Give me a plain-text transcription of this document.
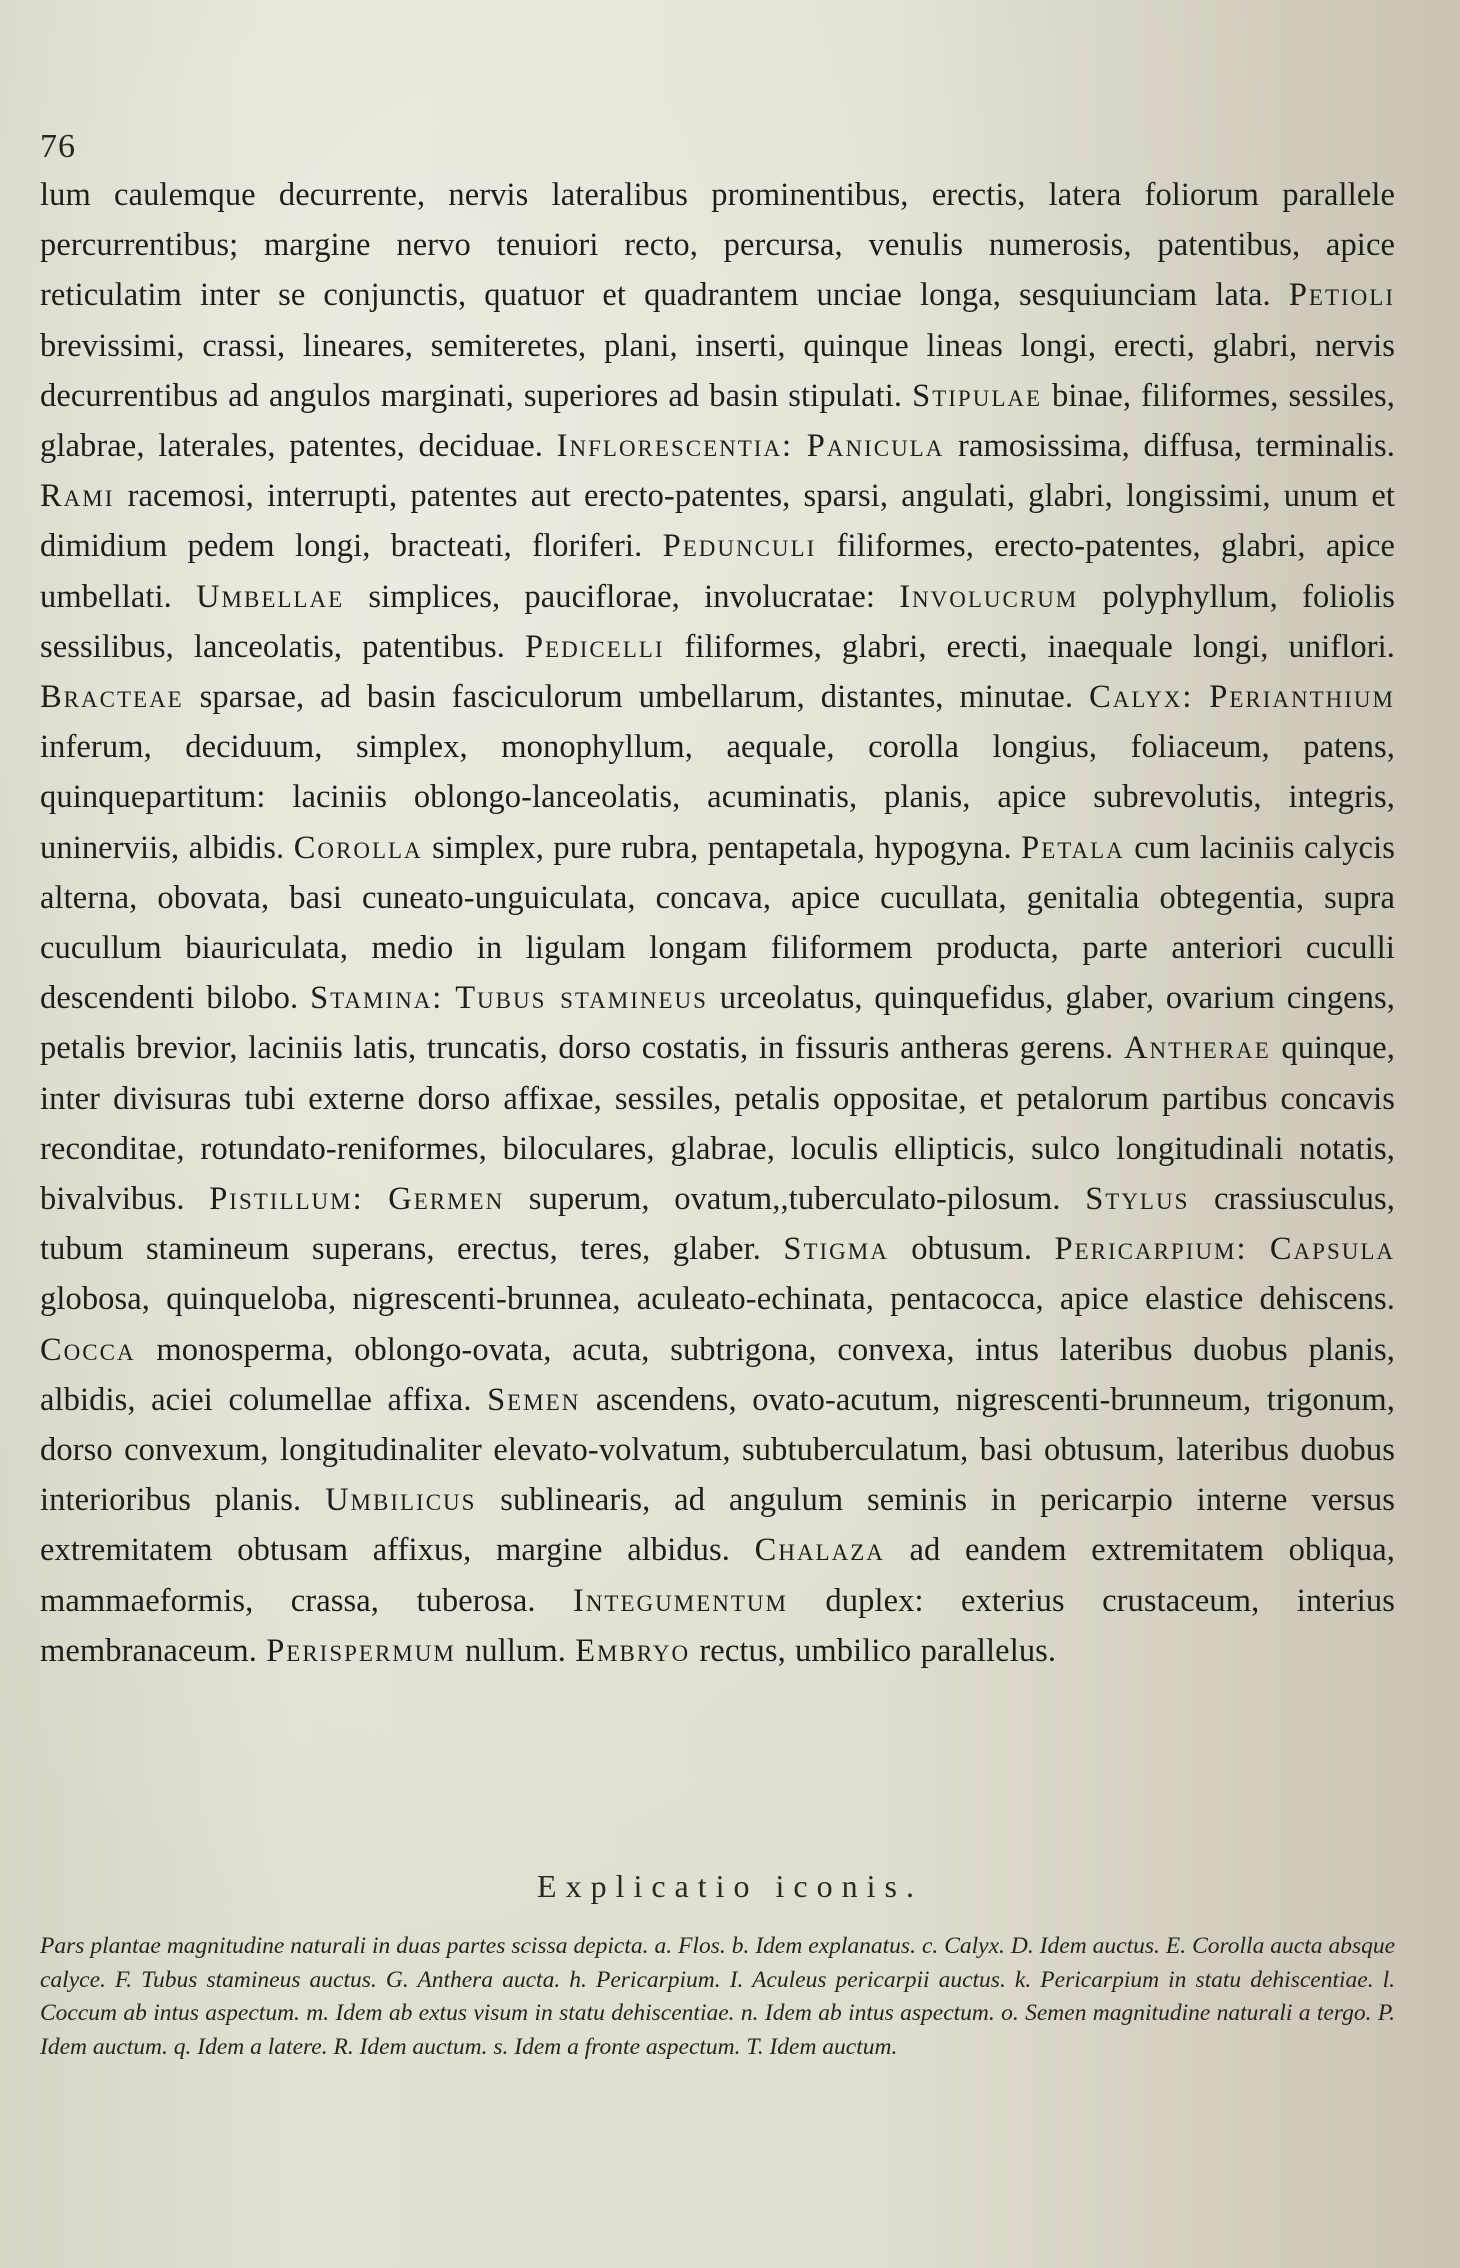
76

lum caulemque decurrente, nervis lateralibus prominentibus, erectis, latera foliorum parallele percurrentibus; margine nervo tenuiori recto, percursa, venulis numerosis, patentibus, apice reticulatim inter se conjunctis, quatuor et quadrantem unciae longa, sesquiunciam lata. Petioli brevissimi, crassi, lineares, semiteretes, plani, inserti, quinque lineas longi, erecti, glabri, nervis decurrentibus ad angulos marginati, superiores ad basin stipulati. Stipulae binae, filiformes, sessiles, glabrae, laterales, patentes, deciduae. Inflorescentia: Panicula ramosissima, diffusa, terminalis. Rami racemosi, interrupti, patentes aut erecto-patentes, sparsi, angulati, glabri, longissimi, unum et dimidium pedem longi, bracteati, floriferi. Pedunculi filiformes, erecto-patentes, glabri, apice umbellati. Umbellae simplices, pauciflorae, involucratae: Involucrum polyphyllum, foliolis sessilibus, lanceolatis, patentibus. Pedicelli filiformes, glabri, erecti, inaequale longi, uniflori. Bracteae sparsae, ad basin fasciculorum umbellarum, distantes, minutae. Calyx: Perianthium inferum, deciduum, simplex, monophyllum, aequale, corolla longius, foliaceum, patens, quinquepartitum: laciniis oblongo-lanceolatis, acuminatis, planis, apice subrevolutis, integris, uninerviis, albidis. Corolla simplex, pure rubra, pentapetala, hypogyna. Petala cum laciniis calycis alterna, obovata, basi cuneato-unguiculata, concava, apice cucullata, genitalia obtegentia, supra cucullum biauriculata, medio in ligulam longam filiformem producta, parte anteriori cuculli descendenti bilobo. Stamina: Tubus stamineus urceolatus, quinquefidus, glaber, ovarium cingens, petalis brevior, laciniis latis, truncatis, dorso costatis, in fissuris antheras gerens. Antherae quinque, inter divisuras tubi externe dorso affixae, sessiles, petalis oppositae, et petalorum partibus concavis reconditae, rotundato-reniformes, biloculares, glabrae, loculis ellipticis, sulco longitudinali notatis, bivalvibus. Pistillum: Germen superum, ovatum,,tuberculato-pilosum. Stylus crassiusculus, tubum stamineum superans, erectus, teres, glaber. Stigma obtusum. Pericarpium: Capsula globosa, quinqueloba, nigrescenti-brunnea, aculeato-echinata, pentacocca, apice elastice dehiscens. Cocca monosperma, oblongo-ovata, acuta, subtrigona, convexa, intus lateribus duobus planis, albidis, aciei columellae affixa. Semen ascendens, ovato-acutum, nigrescenti-brunneum, trigonum, dorso convexum, longitudinaliter elevato-volvatum, subtuberculatum, basi obtusum, lateribus duobus interioribus planis. Umbilicus sublinearis, ad angulum seminis in pericarpio interne versus extremitatem obtusam affixus, margine albidus. Chalaza ad eandem extremitatem obliqua, mammaeformis, crassa, tuberosa. Integumentum duplex: exterius crustaceum, interius membranaceum. Perispermum nullum. Embryo rectus, umbilico parallelus.

Explicatio iconis.

Pars plantae magnitudine naturali in duas partes scissa depicta. a. Flos. b. Idem explanatus. c. Calyx. D. Idem auctus. E. Corolla aucta absque calyce. F. Tubus stamineus auctus. G. Anthera aucta. h. Pericarpium. I. Aculeus pericarpii auctus. k. Pericarpium in statu dehiscentiae. l. Coccum ab intus aspectum. m. Idem ab extus visum in statu dehiscentiae. n. Idem ab intus aspectum. o. Semen magnitudine naturali a tergo. P. Idem auctum. q. Idem a latere. R. Idem auctum. s. Idem a fronte aspectum. T. Idem auctum.
